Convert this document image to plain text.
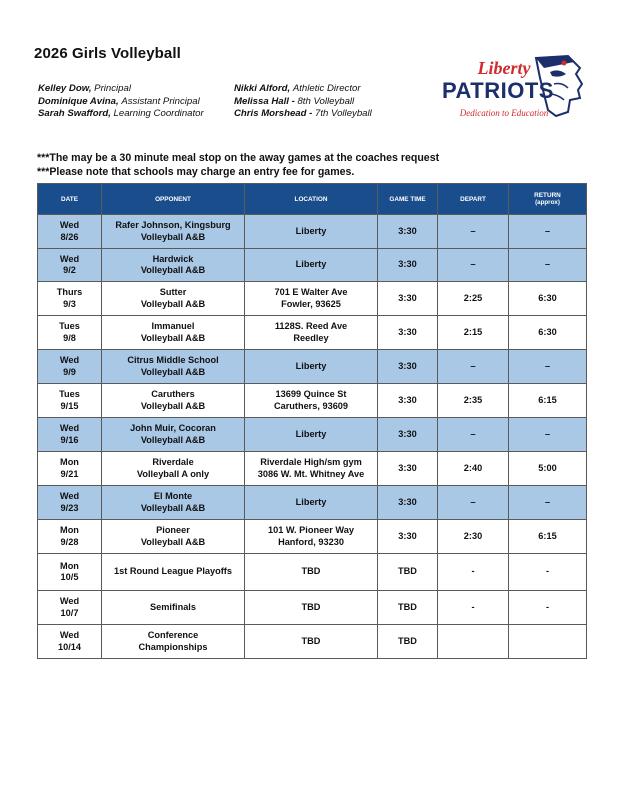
2026 Girls Volleyball
Kelley Dow, Principal
Dominique Avina, Assistant Principal
Sarah Swafford, Learning Coordinator
Nikki Alford, Athletic Director
Melissa Hall - 8th Volleyball
Chris Morshead - 7th Volleyball
Liberty
PATRIOTS
Dedication to Education
***The may be a 30 minute meal stop on the away games at the coaches request
***Please note that schools may charge an entry fee for games.
DATE	OPPONENT	LOCATION	GAME TIME	DEPART	RETURN
(approx)

Wed
8/26	Rafer Johnson, Kingsburg
Volleyball A&B	Liberty	3:30	–	–

Wed
9/2	Hardwick
Volleyball A&B	Liberty	3:30	–	–

Thurs
9/3	Sutter
Volleyball A&B	701 E Walter Ave
Fowler, 93625	3:30	2:25	6:30

Tues
9/8	Immanuel
Volleyball A&B	1128S. Reed Ave
Reedley	3:30	2:15	6:30

Wed
9/9	Citrus Middle School
Volleyball A&B	Liberty	3:30	–	–

Tues
9/15	Caruthers
Volleyball A&B	13699 Quince St
Caruthers, 93609	3:30	2:35	6:15

Wed
9/16	John Muir, Cocoran
Volleyball A&B	Liberty	3:30	–	–

Mon
9/21	Riverdale
Volleyball A only	Riverdale High/sm gym
3086 W. Mt. Whitney Ave	3:30	2:40	5:00

Wed
9/23	El Monte
Volleyball A&B	Liberty	3:30	–	–

Mon
9/28	Pioneer
Volleyball A&B	101 W. Pioneer Way
Hanford, 93230	3:30	2:30	6:15

Mon
10/5	1st Round League Playoffs	TBD	TBD	-	-

Wed
10/7	Semifinals	TBD	TBD	-	-

Wed
10/14	Conference
Championships	TBD	TBD		
